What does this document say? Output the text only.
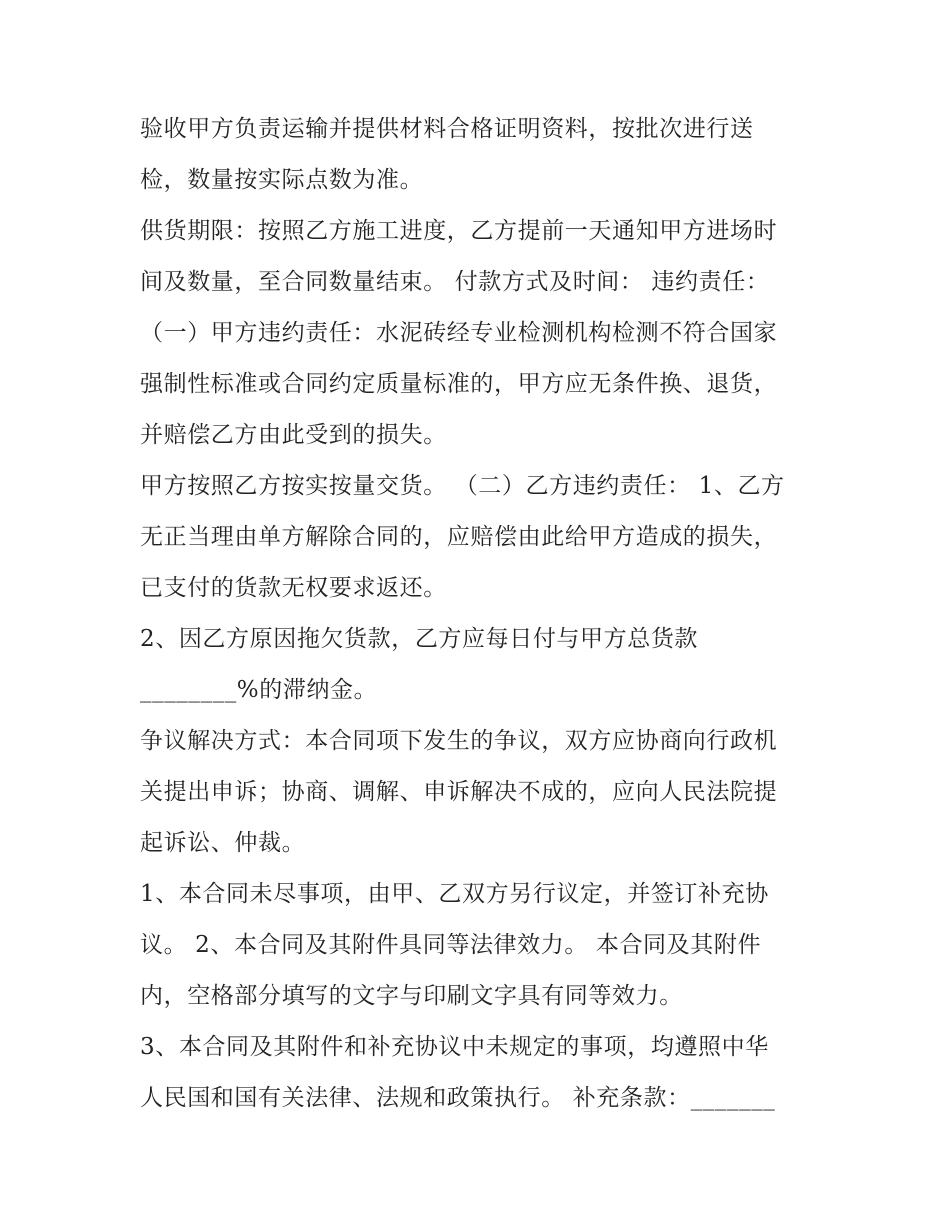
验收甲方负责运输并提供材料合格证明资料，按批次进行送
检，数量按实际点数为准。
供货期限：按照乙方施工进度，乙方提前一天通知甲方进场时
间及数量，至合同数量结束。 付款方式及时间： 违约责任：
（一）甲方违约责任：水泥砖经专业检测机构检测不符合国家
强制性标准或合同约定质量标准的，甲方应无条件换、退货，
并赔偿乙方由此受到的损失。
甲方按照乙方按实按量交货。 （二）乙方违约责任： 1、乙方
无正当理由单方解除合同的，应赔偿由此给甲方造成的损失，
已支付的货款无权要求返还。
2、因乙方原因拖欠货款，乙方应每日付与甲方总货款
________%的滞纳金。
争议解决方式：本合同项下发生的争议，双方应协商向行政机
关提出申诉；协商、调解、申诉解决不成的，应向人民法院提
起诉讼、仲裁。
1、本合同未尽事项，由甲、乙双方另行议定，并签订补充协
议。 2、本合同及其附件具同等法律效力。 本合同及其附件
内，空格部分填写的文字与印刷文字具有同等效力。
3、本合同及其附件和补充协议中未规定的事项，均遵照中华
人民国和国有关法律、法规和政策执行。 补充条款：_______
